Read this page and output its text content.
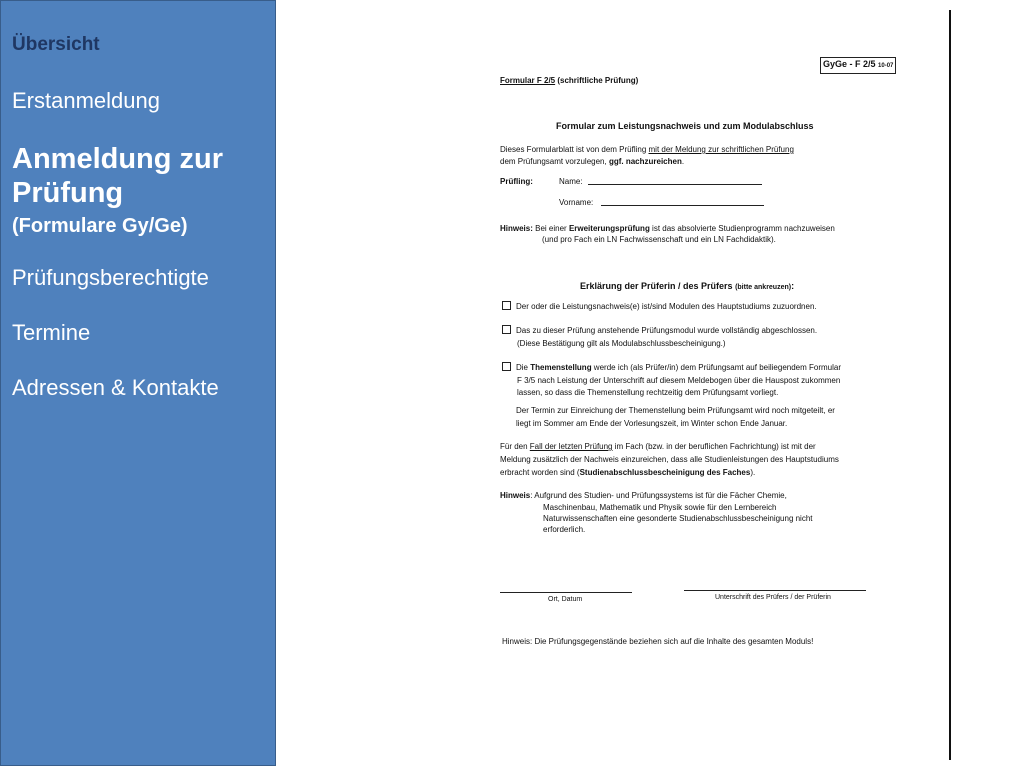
Übersicht
Erstanmeldung
Anmeldung zur Prüfung
(Formulare Gy/Ge)
Prüfungsberechtigte
Termine
Adressen & Kontakte
GyGe - F 2/5 10-07
Formular F 2/5 (schriftliche Prüfung)
Formular zum Leistungsnachweis und zum Modulabschluss
Dieses Formularblatt ist von dem Prüfling mit der Meldung zur schriftlichen Prüfung
dem Prüfungsamt vorzulegen, ggf. nachzureichen.
Prüfling:	Name:
Vorname:
Hinweis: Bei einer Erweiterungsprüfung ist das absolvierte Studienprogramm nachzuweisen
(und pro Fach ein LN Fachwissenschaft und ein LN Fachdidaktik).
Erklärung der Prüferin / des Prüfers (bitte ankreuzen):
Der oder die Leistungsnachweis(e) ist/sind Modulen des Hauptstudiums zuzuordnen.
Das zu dieser Prüfung anstehende Prüfungsmodul wurde vollständig abgeschlossen.
(Diese Bestätigung gilt als Modulabschlussbescheinigung.)
Die Themenstellung werde ich (als Prüfer/in) dem Prüfungsamt auf beiliegendem Formular
F 3/5 nach Leistung der Unterschrift auf diesem Meldebogen über die Hauspost zukommen
lassen, so dass die Themenstellung rechtzeitig dem Prüfungsamt vorliegt.
Der Termin zur Einreichung der Themenstellung beim Prüfungsamt wird noch mitgeteilt, er
liegt im Sommer am Ende der Vorlesungszeit, im Winter schon Ende Januar.
Für den Fall der letzten Prüfung im Fach (bzw. in der beruflichen Fachrichtung) ist mit der
Meldung zusätzlich der Nachweis einzureichen, dass alle Studienleistungen des Hauptstudiums
erbracht worden sind (Studienabschlussbescheinigung des Faches).
Hinweis: Aufgrund des Studien- und Prüfungssystems ist für die Fächer Chemie,
Maschinenbau, Mathematik und Physik sowie für den Lernbereich
Naturwissenschaften eine gesonderte Studienabschlussbescheinigung nicht
erforderlich.
Ort, Datum	Unterschrift des Prüfers / der Prüferin
Hinweis: Die Prüfungsgegenstände beziehen sich auf die Inhalte des gesamten Moduls!
